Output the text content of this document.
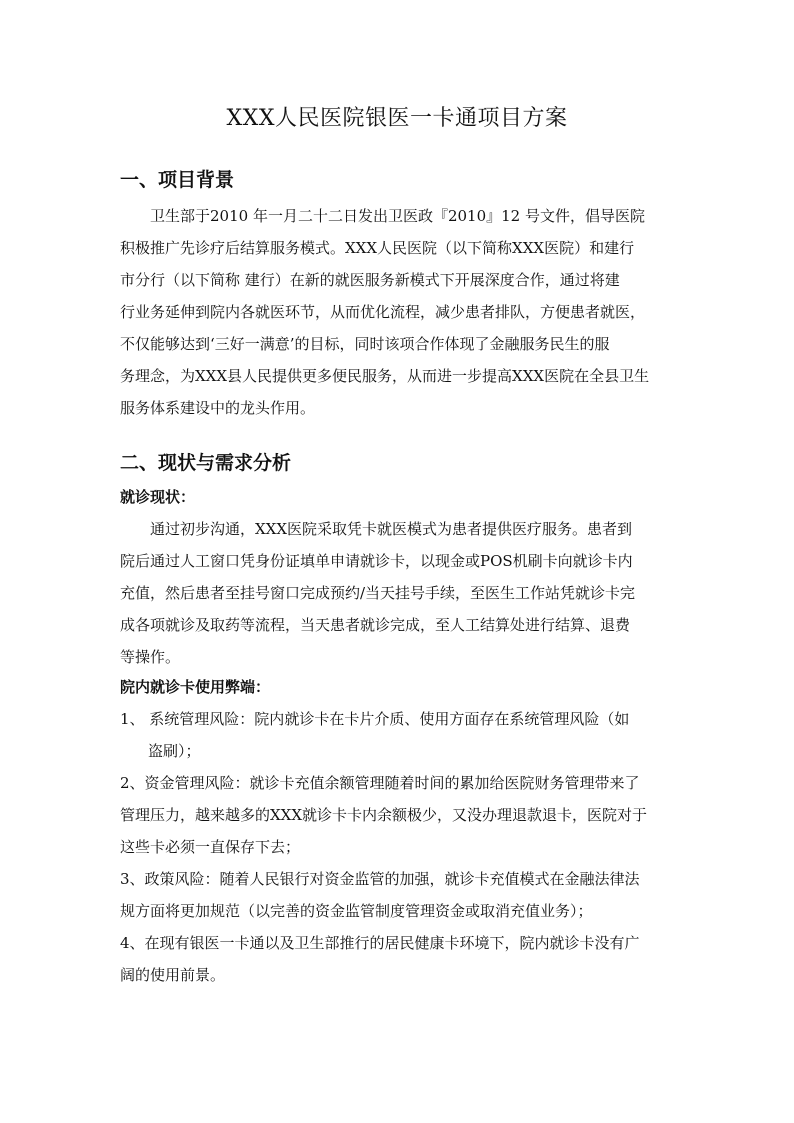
XXX人民医院银医一卡通项目方案
一、项目背景
卫生部于2010 年一月二十二日发出卫医政『2010』12 号文件，倡导医院
积极推广先诊疗后结算服务模式。XXX人民医院（以下简称XXX医院）和建行
市分行（以下简称 建行）在新的就医服务新模式下开展深度合作，通过将建
行业务延伸到院内各就医环节，从而优化流程，减少患者排队，方便患者就医，
不仅能够达到‘三好一满意’的目标，同时该项合作体现了金融服务民生的服
务理念，为XXX县人民提供更多便民服务，从而进一步提高XXX医院在全县卫生
服务体系建设中的龙头作用。
二、现状与需求分析
就诊现状：
通过初步沟通，XXX医院采取凭卡就医模式为患者提供医疗服务。患者到
院后通过人工窗口凭身份证填单申请就诊卡，以现金或POS机刷卡向就诊卡内
充值，然后患者至挂号窗口完成预约/当天挂号手续，至医生工作站凭就诊卡完
成各项就诊及取药等流程，当天患者就诊完成，至人工结算处进行结算、退费
等操作。
院内就诊卡使用弊端：
1、 系统管理风险：院内就诊卡在卡片介质、使用方面存在系统管理风险（如
盗刷）；
2、资金管理风险：就诊卡充值余额管理随着时间的累加给医院财务管理带来了
管理压力，越来越多的XXX就诊卡卡内余额极少，又没办理退款退卡，医院对于
这些卡必须一直保存下去；
3、政策风险：随着人民银行对资金监管的加强，就诊卡充值模式在金融法律法
规方面将更加规范（以完善的资金监管制度管理资金或取消充值业务）；
4、在现有银医一卡通以及卫生部推行的居民健康卡环境下，院内就诊卡没有广
阔的使用前景。
